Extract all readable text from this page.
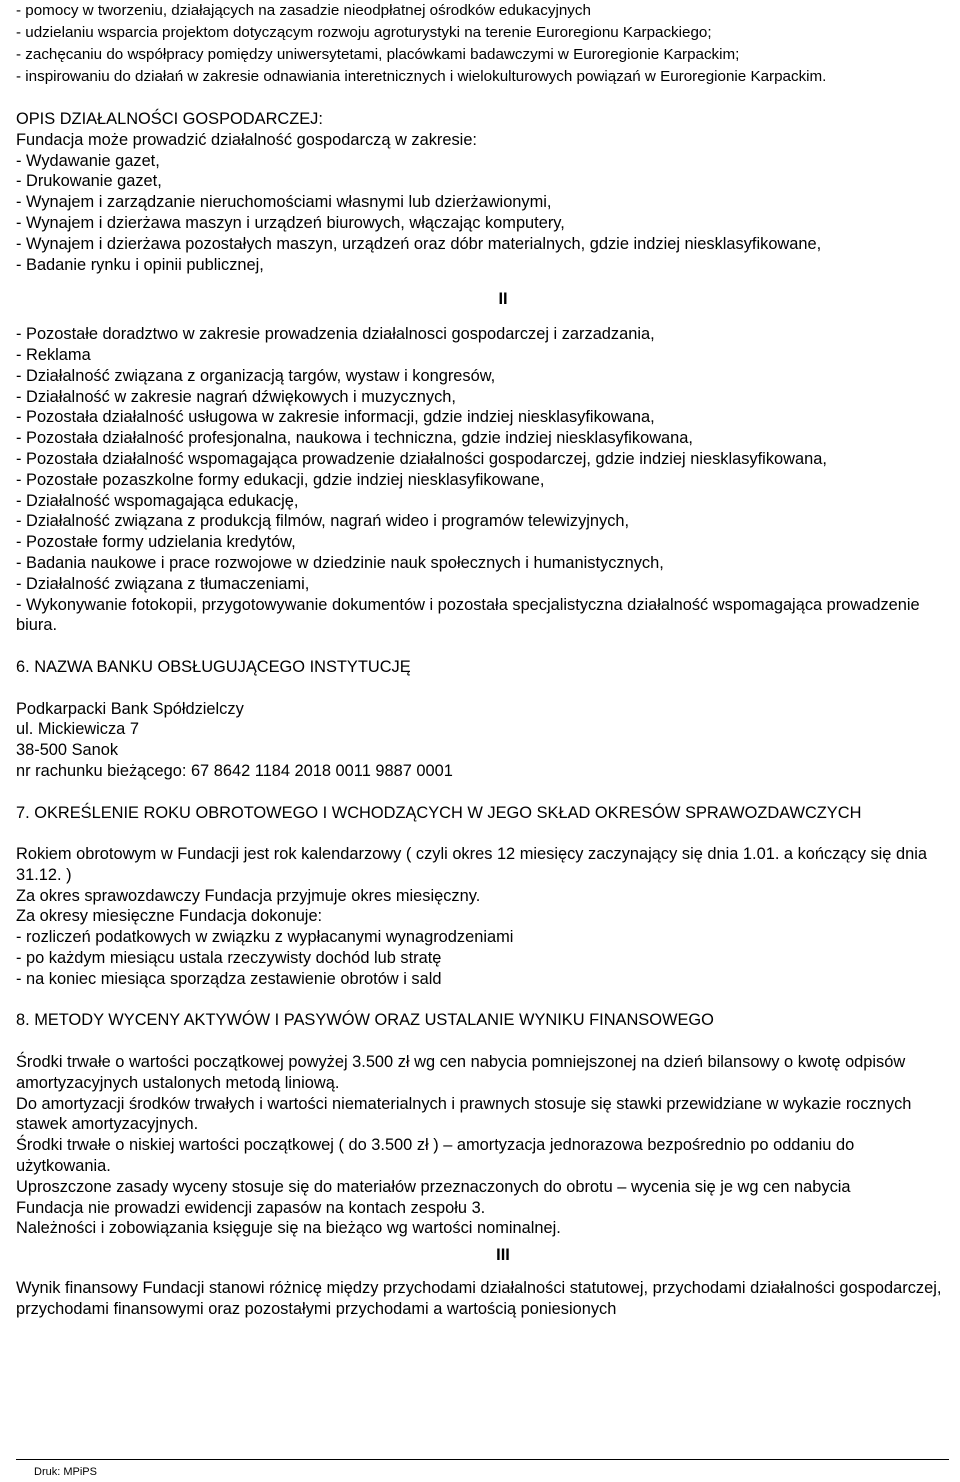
- pomocy w tworzeniu, działających na zasadzie nieodpłatnej ośrodków edukacyjnych

- udzielaniu wsparcia projektom dotyczącym rozwoju agroturystyki na terenie Euroregionu Karpackiego;

- zachęcaniu do współpracy pomiędzy uniwersytetami, placówkami badawczymi w Euroregionie Karpackim;

- inspirowaniu do działań w zakresie odnawiania interetnicznych i wielokulturowych powiązań w Euroregionie Karpackim.

OPIS DZIAŁALNOŚCI GOSPODARCZEJ:

Fundacja może prowadzić działalność gospodarczą w zakresie:

- Wydawanie gazet,

- Drukowanie gazet,

- Wynajem i zarządzanie nieruchomościami własnymi lub dzierżawionymi,

- Wynajem i dzierżawa maszyn i urządzeń biurowych, włączając komputery,

- Wynajem i dzierżawa pozostałych maszyn, urządzeń oraz dóbr materialnych, gdzie indziej niesklasyfikowane,

- Badanie rynku i opinii publicznej,

II

- Pozostałe doradztwo w zakresie prowadzenia działalnosci gospodarczej i zarzadzania,

- Reklama

- Działalność związana z organizacją targów, wystaw i kongresów,

- Działalność w zakresie nagrań dźwiękowych i muzycznych,

- Pozostała działalność usługowa w zakresie informacji, gdzie indziej niesklasyfikowana,

- Pozostała działalność profesjonalna, naukowa i techniczna, gdzie indziej niesklasyfikowana,

- Pozostała działalność wspomagająca prowadzenie działalności gospodarczej, gdzie indziej niesklasyfikowana,

- Pozostałe pozaszkolne formy edukacji, gdzie indziej niesklasyfikowane,

- Działalność wspomagająca edukację,

- Działalność związana z produkcją filmów, nagrań wideo i programów telewizyjnych,

- Pozostałe formy udzielania kredytów,

- Badania naukowe i prace rozwojowe w dziedzinie nauk społecznych i humanistycznych,

- Działalność związana z tłumaczeniami,

- Wykonywanie fotokopii, przygotowywanie dokumentów i pozostała specjalistyczna działalność wspomagająca prowadzenie biura.

6. NAZWA BANKU OBSŁUGUJĄCEGO INSTYTUCJĘ

Podkarpacki Bank Spółdzielczy

ul. Mickiewicza 7

38-500 Sanok

nr rachunku bieżącego: 67 8642 1184 2018 0011 9887 0001

7. OKREŚLENIE ROKU OBROTOWEGO I WCHODZĄCYCH W JEGO SKŁAD OKRESÓW SPRAWOZDAWCZYCH

Rokiem obrotowym w Fundacji jest rok kalendarzowy ( czyli okres 12 miesięcy zaczynający się dnia 1.01. a kończący się dnia 31.12. )

Za okres sprawozdawczy Fundacja przyjmuje okres miesięczny.

Za okresy miesięczne Fundacja dokonuje:

- rozliczeń podatkowych w związku z wypłacanymi wynagrodzeniami

- po każdym miesiącu ustala rzeczywisty dochód lub stratę

- na koniec miesiąca sporządza zestawienie obrotów i sald

8. METODY WYCENY AKTYWÓW I PASYWÓW ORAZ USTALANIE WYNIKU FINANSOWEGO

Środki trwałe o wartości początkowej powyżej 3.500 zł wg cen nabycia pomniejszonej na dzień bilansowy o kwotę odpisów amortyzacyjnych ustalonych metodą liniową.

Do amortyzacji środków trwałych i wartości niematerialnych i prawnych stosuje się stawki przewidziane w wykazie rocznych stawek amortyzacyjnych.

Środki trwałe o niskiej wartości początkowej ( do 3.500 zł ) – amortyzacja jednorazowa bezpośrednio po oddaniu do użytkowania.

Uproszczone zasady wyceny stosuje się do materiałów przeznaczonych do obrotu – wycenia się je wg cen nabycia

Fundacja nie prowadzi ewidencji zapasów na kontach zespołu 3.

Należności i zobowiązania księguje się na bieżąco wg wartości nominalnej.

III

Wynik finansowy Fundacji stanowi różnicę między przychodami działalności statutowej, przychodami działalności gospodarczej, przychodami finansowymi oraz pozostałymi przychodami a wartością poniesionych

Druk: MPiPS
